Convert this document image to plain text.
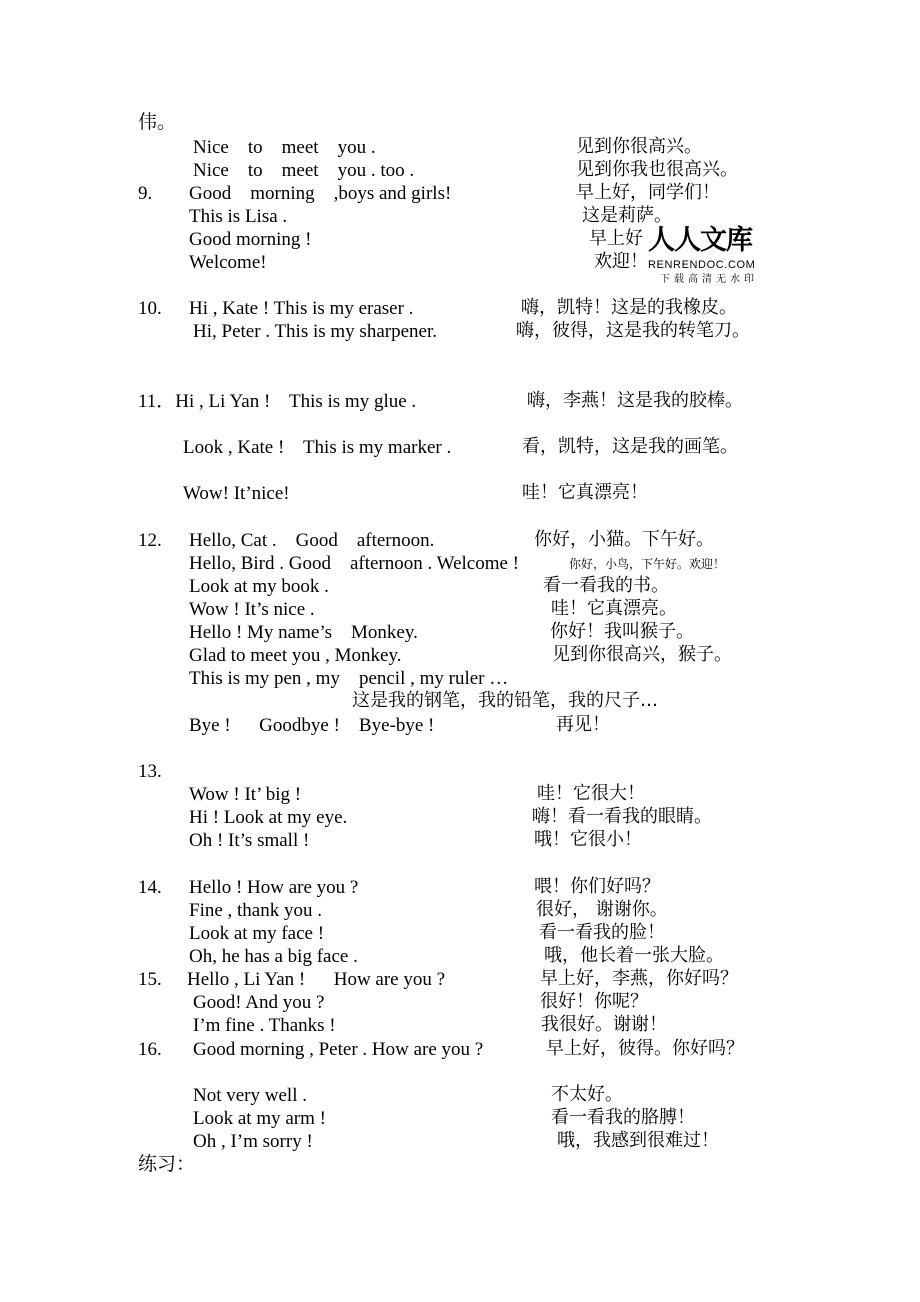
伟。
Nice    to    meet    you .	见到你很高兴。
Nice    to    meet    you . too .	见到你我也很高兴。
9. Good    morning    ,boys and girls!	早上好，同学们！
This is Lisa .	这是莉萨。
Good morning !	早上好
Welcome!	欢迎！
10. Hi , Kate ! This is my eraser .	嗨，凯特！这是的我橡皮。
Hi, Peter . This is my sharpener.	嗨，彼得，这是我的转笔刀。
11．Hi , Li Yan !    This is my glue .	嗨，李燕！这是我的胶棒。
Look , Kate !    This is my marker .	看，凯特，这是我的画笔。
Wow! It’nice!	哇！它真漂亮！
12. Hello, Cat .    Good    afternoon.	你好，小猫。下午好。
Hello, Bird . Good    afternoon . Welcome !	你好，小鸟，下午好。欢迎！
Look at my book .	看一看我的书。
Wow ! It’s nice .	哇！它真漂亮。
Hello ! My name’s    Monkey.	你好！我叫猴子。
Glad to meet you , Monkey.	见到你很高兴，猴子。
This is my pen , my    pencil , my ruler …
这是我的钢笔，我的铅笔，我的尺子…
Bye !      Goodbye !    Bye-bye !	再见！
13.
Wow ! It’ big !	哇！它很大！
Hi ! Look at my eye.	嗨！看一看我的眼睛。
Oh ! It’s small !	哦！它很小！
14. Hello ! How are you ?	喂！你们好吗？
Fine , thank you .	很好， 谢谢你。
Look at my face !	看一看我的脸！
Oh, he has a big face .	哦，他长着一张大脸。
15. Hello , Li Yan !      How are you ?	早上好，李燕，你好吗？
Good! And you ?	很好！你呢？
I’m fine . Thanks !	我很好。谢谢！
16. Good morning , Peter . How are you ?	早上好，彼得。你好吗？
Not very well .	不太好。
Look at my arm !	看一看我的胳膊！
Oh , I’m sorry !	哦，我感到很难过！
练习：
人人文库
RENRENDOC.COM
下载高清无水印
